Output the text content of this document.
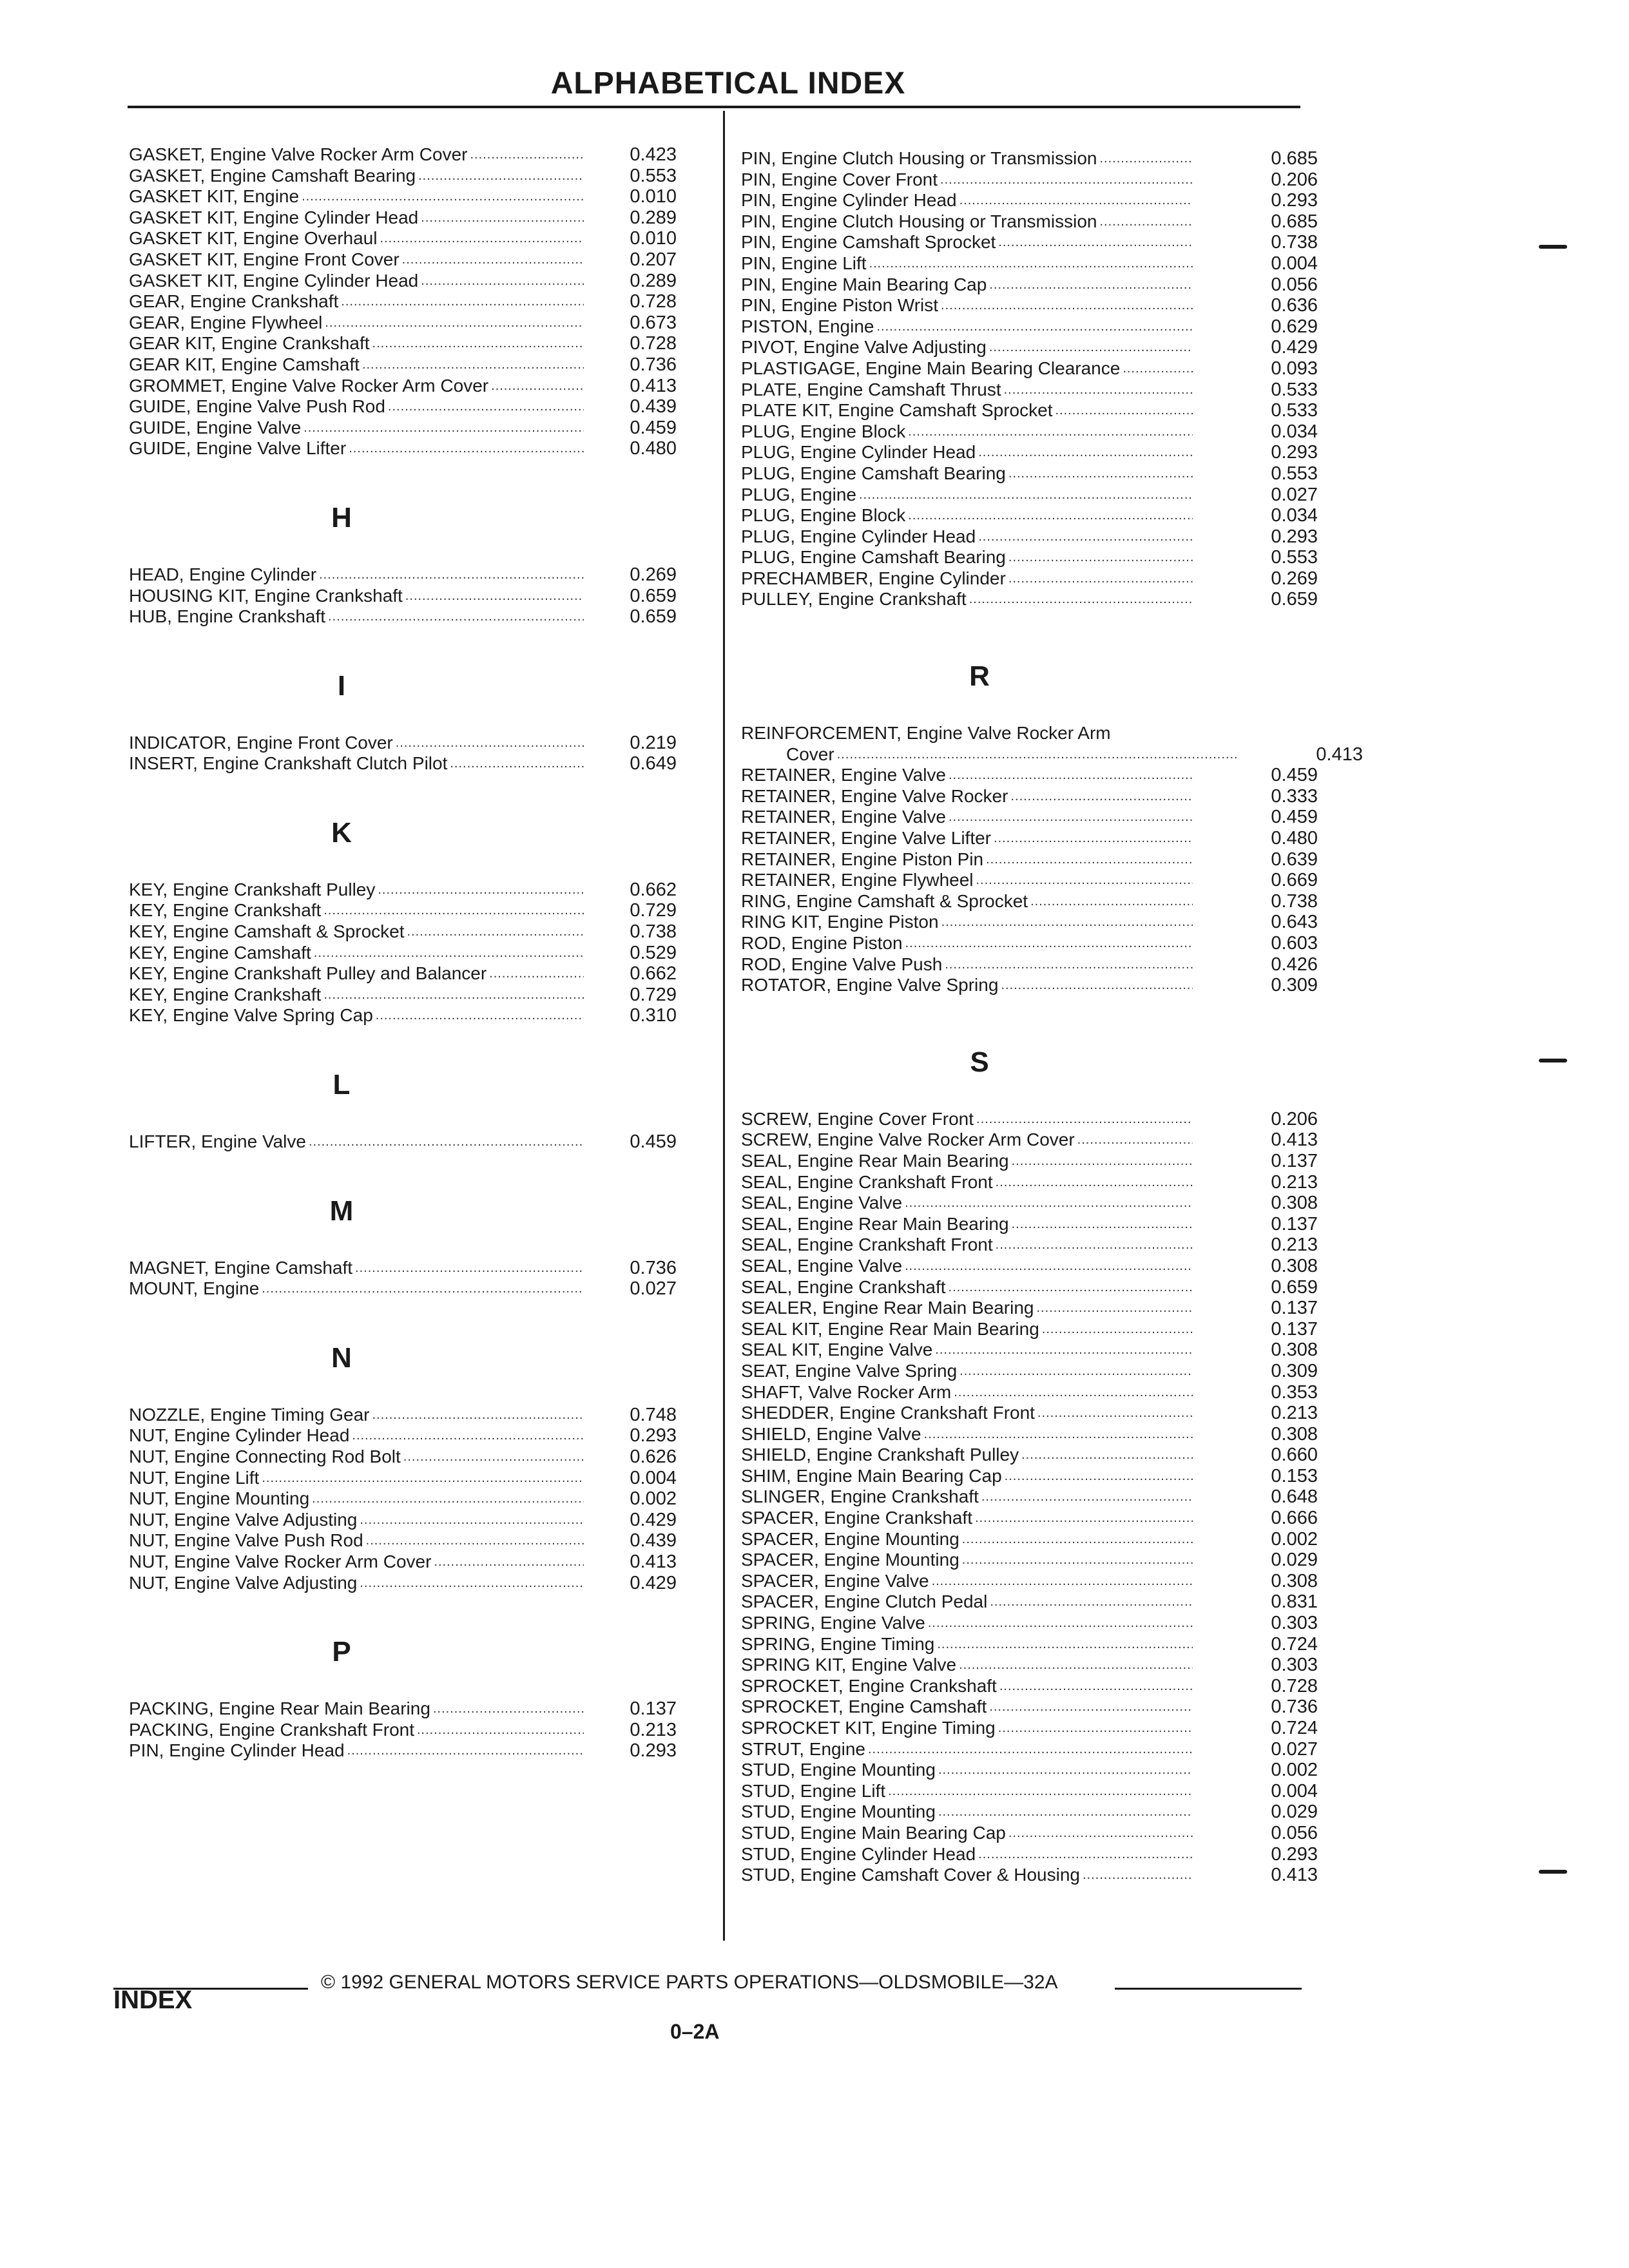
ALPHABETICAL INDEX
GASKET, Engine Valve Rocker Arm Cover .....	0.423
GASKET, Engine Camshaft Bearing .....	0.553
GASKET KIT, Engine .....	0.010
GASKET KIT, Engine Cylinder Head .....	0.289
GASKET KIT, Engine Overhaul .....	0.010
GASKET KIT, Engine Front Cover .....	0.207
GASKET KIT, Engine Cylinder Head .....	0.289
GEAR, Engine Crankshaft .....	0.728
GEAR, Engine Flywheel .....	0.673
GEAR KIT, Engine Crankshaft .....	0.728
GEAR KIT, Engine Camshaft .....	0.736
GROMMET, Engine Valve Rocker Arm Cover .....	0.413
GUIDE, Engine Valve Push Rod .....	0.439
GUIDE, Engine Valve .....	0.459
GUIDE, Engine Valve Lifter .....	0.480
H
HEAD, Engine Cylinder .....	0.269
HOUSING KIT, Engine Crankshaft .....	0.659
HUB, Engine Crankshaft .....	0.659
I
INDICATOR, Engine Front Cover .....	0.219
INSERT, Engine Crankshaft Clutch Pilot .....	0.649
K
KEY, Engine Crankshaft Pulley .....	0.662
KEY, Engine Crankshaft .....	0.729
KEY, Engine Camshaft & Sprocket .....	0.738
KEY, Engine Camshaft .....	0.529
KEY, Engine Crankshaft Pulley and Balancer .....	0.662
KEY, Engine Crankshaft .....	0.729
KEY, Engine Valve Spring Cap .....	0.310
L
LIFTER, Engine Valve .....	0.459
M
MAGNET, Engine Camshaft .....	0.736
MOUNT, Engine .....	0.027
N
NOZZLE, Engine Timing Gear .....	0.748
NUT, Engine Cylinder Head .....	0.293
NUT, Engine Connecting Rod Bolt .....	0.626
NUT, Engine Lift .....	0.004
NUT, Engine Mounting .....	0.002
NUT, Engine Valve Adjusting .....	0.429
NUT, Engine Valve Push Rod .....	0.439
NUT, Engine Valve Rocker Arm Cover .....	0.413
NUT, Engine Valve Adjusting .....	0.429
P
PACKING, Engine Rear Main Bearing .....	0.137
PACKING, Engine Crankshaft Front .....	0.213
PIN, Engine Cylinder Head .....	0.293
PIN, Engine Clutch Housing or Transmission .....	0.685
PIN, Engine Cover Front .....	0.206
PIN, Engine Cylinder Head .....	0.293
PIN, Engine Clutch Housing or Transmission .....	0.685
PIN, Engine Camshaft Sprocket .....	0.738
PIN, Engine Lift .....	0.004
PIN, Engine Main Bearing Cap .....	0.056
PIN, Engine Piston Wrist .....	0.636
PISTON, Engine .....	0.629
PIVOT, Engine Valve Adjusting .....	0.429
PLASTIGAGE, Engine Main Bearing Clearance .....	0.093
PLATE, Engine Camshaft Thrust .....	0.533
PLATE KIT, Engine Camshaft Sprocket .....	0.533
PLUG, Engine Block .....	0.034
PLUG, Engine Cylinder Head .....	0.293
PLUG, Engine Camshaft Bearing .....	0.553
PLUG, Engine .....	0.027
PLUG, Engine Block .....	0.034
PLUG, Engine Cylinder Head .....	0.293
PLUG, Engine Camshaft Bearing .....	0.553
PRECHAMBER, Engine Cylinder .....	0.269
PULLEY, Engine Crankshaft .....	0.659
R
REINFORCEMENT, Engine Valve Rocker Arm
Cover .....	0.413
RETAINER, Engine Valve .....	0.459
RETAINER, Engine Valve Rocker .....	0.333
RETAINER, Engine Valve .....	0.459
RETAINER, Engine Valve Lifter .....	0.480
RETAINER, Engine Piston Pin .....	0.639
RETAINER, Engine Flywheel .....	0.669
RING, Engine Camshaft & Sprocket .....	0.738
RING KIT, Engine Piston .....	0.643
ROD, Engine Piston .....	0.603
ROD, Engine Valve Push .....	0.426
ROTATOR, Engine Valve Spring .....	0.309
S
SCREW, Engine Cover Front .....	0.206
SCREW, Engine Valve Rocker Arm Cover .....	0.413
SEAL, Engine Rear Main Bearing .....	0.137
SEAL, Engine Crankshaft Front .....	0.213
SEAL, Engine Valve .....	0.308
SEAL, Engine Rear Main Bearing .....	0.137
SEAL, Engine Crankshaft Front .....	0.213
SEAL, Engine Valve .....	0.308
SEAL, Engine Crankshaft .....	0.659
SEALER, Engine Rear Main Bearing .....	0.137
SEAL KIT, Engine Rear Main Bearing .....	0.137
SEAL KIT, Engine Valve .....	0.308
SEAT, Engine Valve Spring .....	0.309
SHAFT, Valve Rocker Arm .....	0.353
SHEDDER, Engine Crankshaft Front .....	0.213
SHIELD, Engine Valve .....	0.308
SHIELD, Engine Crankshaft Pulley .....	0.660
SHIM, Engine Main Bearing Cap .....	0.153
SLINGER, Engine Crankshaft .....	0.648
SPACER, Engine Crankshaft .....	0.666
SPACER, Engine Mounting .....	0.002
SPACER, Engine Mounting .....	0.029
SPACER, Engine Valve .....	0.308
SPACER, Engine Clutch Pedal .....	0.831
SPRING, Engine Valve .....	0.303
SPRING, Engine Timing .....	0.724
SPRING KIT, Engine Valve .....	0.303
SPROCKET, Engine Crankshaft .....	0.728
SPROCKET, Engine Camshaft .....	0.736
SPROCKET KIT, Engine Timing .....	0.724
STRUT, Engine .....	0.027
STUD, Engine Mounting .....	0.002
STUD, Engine Lift .....	0.004
STUD, Engine Mounting .....	0.029
STUD, Engine Main Bearing Cap .....	0.056
STUD, Engine Cylinder Head .....	0.293
STUD, Engine Camshaft Cover & Housing .....	0.413
© 1992 GENERAL MOTORS SERVICE PARTS OPERATIONS—OLDSMOBILE—32A
INDEX
0–2A
